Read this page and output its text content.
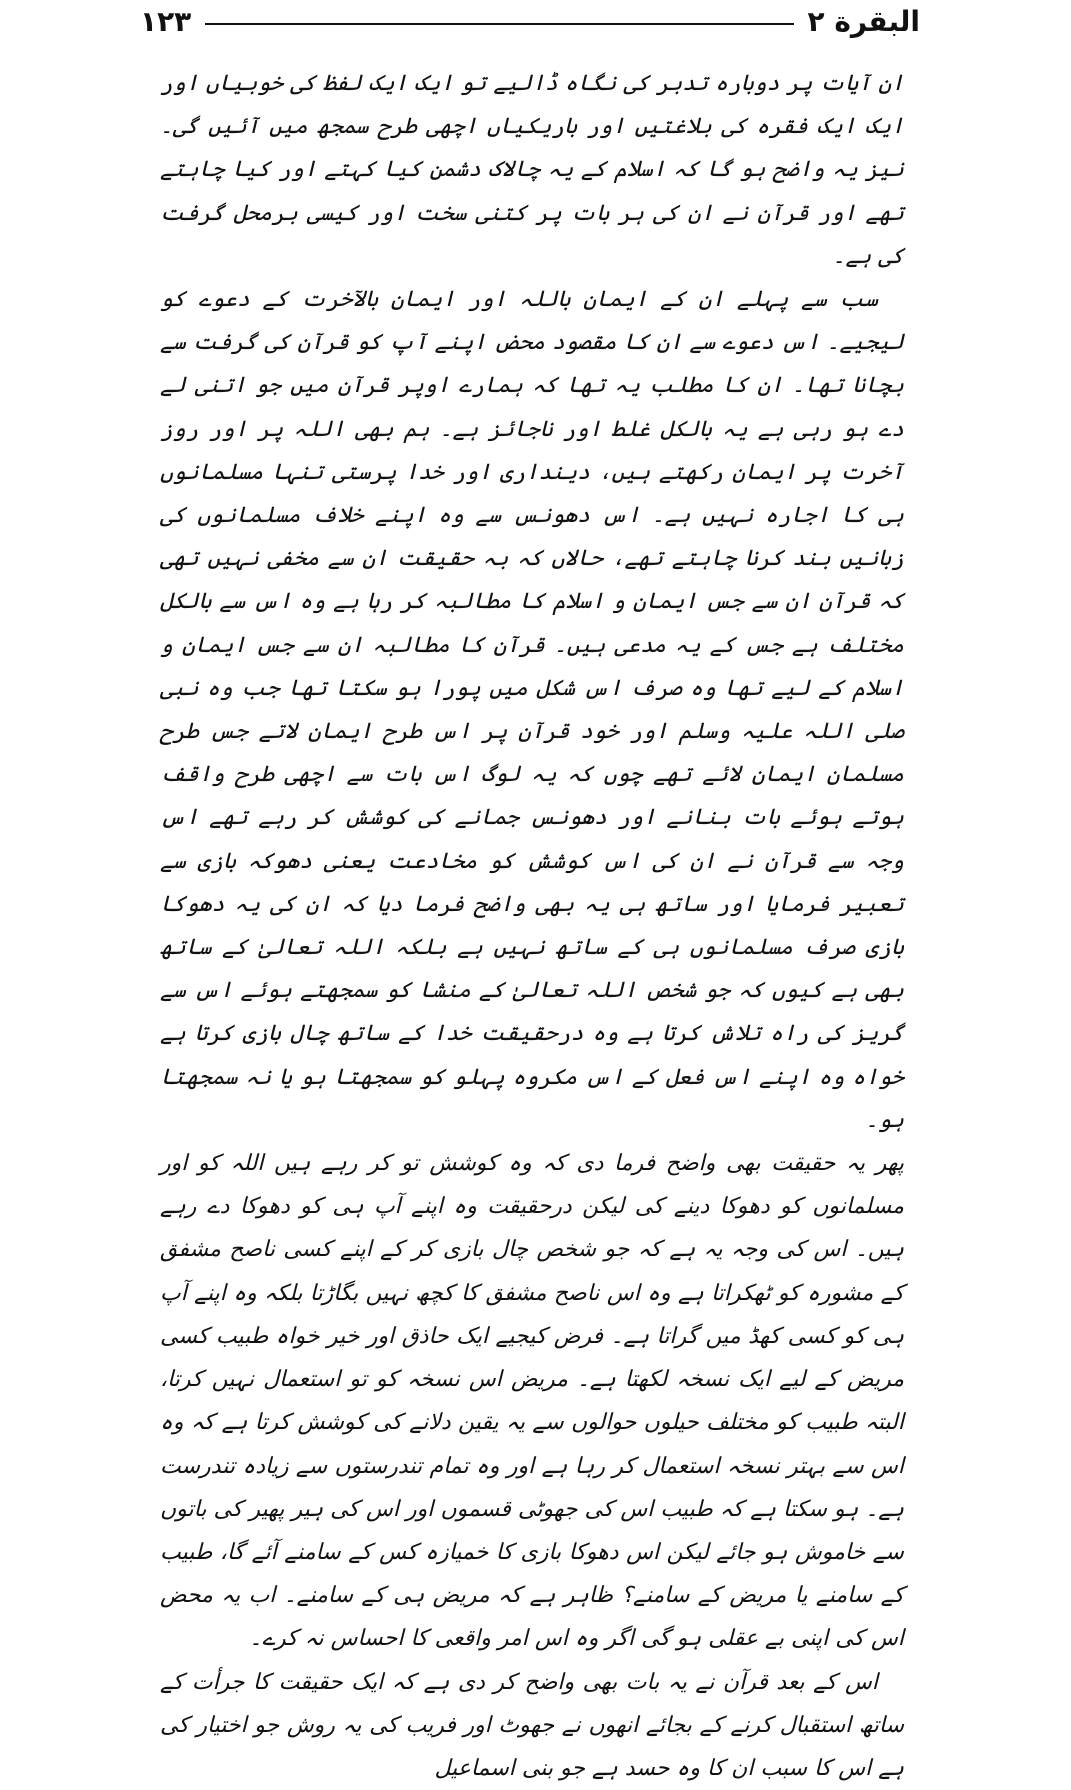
البقرة ۲
۱۲۳

ان آیات پر دوبارہ تدبر کی نگاہ ڈالیے تو ایک ایک لفظ کی خوبیاں اور ایک ایک فقرہ کی بلاغتیں اور باریکیاں اچھی طرح سمجھ میں آئیں گی۔ نیز یہ واضح ہو گا کہ اسلام کے یہ چالاک دشمن کیا کہتے اور کیا چاہتے تھے اور قرآن نے ان کی ہر بات پر کتنی سخت اور کیسی برمحل گرفت کی ہے۔

سب سے پہلے ان کے ایمان باللہ اور ایمان بالآخرت کے دعوے کو لیجیے۔ اس دعوے سے ان کا مقصود محض اپنے آپ کو قرآن کی گرفت سے بچانا تھا۔ ان کا مطلب یہ تھا کہ ہمارے اوپر قرآن میں جو اتنی لے دے ہو رہی ہے یہ بالکل غلط اور ناجائز ہے۔ ہم بھی اللہ پر اور روز آخرت پر ایمان رکھتے ہیں، دینداری اور خدا پرستی تنہا مسلمانوں ہی کا اجارہ نہیں ہے۔ اس دھونس سے وہ اپنے خلاف مسلمانوں کی زبانیں بند کرنا چاہتے تھے، حالاں کہ بہ حقیقت ان سے مخفی نہیں تھی کہ قرآن ان سے جس ایمان و اسلام کا مطالبہ کر رہا ہے وہ اس سے بالکل مختلف ہے جس کے یہ مدعی ہیں۔ قرآن کا مطالبہ ان سے جس ایمان و اسلام کے لیے تھا وہ صرف اس شکل میں پورا ہو سکتا تھا جب وہ نبی صلی اللہ علیہ وسلم اور خود قرآن پر اس طرح ایمان لاتے جس طرح مسلمان ایمان لائے تھے چوں کہ یہ لوگ اس بات سے اچھی طرح واقف ہوتے ہوئے بات بنانے اور دھونس جمانے کی کوشش کر رہے تھے اس وجہ سے قرآن نے ان کی اس کوشش کو مخادعت یعنی دھوکہ بازی سے تعبیر فرمایا اور ساتھ ہی یہ بھی واضح فرما دیا کہ ان کی یہ دھوکا بازی صرف مسلمانوں ہی کے ساتھ نہیں ہے بلکہ اللہ تعالیٰ کے ساتھ بھی ہے کیوں کہ جو شخص اللہ تعالیٰ کے منشا کو سمجھتے ہوئے اس سے گریز کی راہ تلاش کرتا ہے وہ درحقیقت خدا کے ساتھ چال بازی کرتا ہے خواہ وہ اپنے اس فعل کے اس مکروہ پہلو کو سمجھتا ہو یا نہ سمجھتا ہو۔

پھر یہ حقیقت بھی واضح فرما دی کہ وہ کوشش تو کر رہے ہیں اللہ کو اور مسلمانوں کو دھوکا دینے کی لیکن درحقیقت وہ اپنے آپ ہی کو دھوکا دے رہے ہیں۔ اس کی وجہ یہ ہے کہ جو شخص چال بازی کر کے اپنے کسی ناصح مشفق کے مشورہ کو ٹھکراتا ہے وہ اس ناصح مشفق کا کچھ نہیں بگاڑتا بلکہ وہ اپنے آپ ہی کو کسی کھڈ میں گراتا ہے۔ فرض کیجیے ایک حاذق اور خیر خواہ طبیب کسی مریض کے لیے ایک نسخہ لکھتا ہے۔ مریض اس نسخہ کو تو استعمال نہیں کرتا، البتہ طبیب کو مختلف حیلوں حوالوں سے یہ یقین دلانے کی کوشش کرتا ہے کہ وہ اس سے بہتر نسخہ استعمال کر رہا ہے اور وہ تمام تندرستوں سے زیادہ تندرست ہے۔ ہو سکتا ہے کہ طبیب اس کی جھوٹی قسموں اور اس کی ہیر پھیر کی باتوں سے خاموش ہو جائے لیکن اس دھوکا بازی کا خمیازہ کس کے سامنے آئے گا، طبیب کے سامنے یا مریض کے سامنے؟ ظاہر ہے کہ مریض ہی کے سامنے۔ اب یہ محض اس کی اپنی بے عقلی ہو گی اگر وہ اس امر واقعی کا احساس نہ کرے۔

اس کے بعد قرآن نے یہ بات بھی واضح کر دی ہے کہ ایک حقیقت کا جرأت کے ساتھ استقبال کرنے کے بجائے انھوں نے جھوٹ اور فریب کی یہ روش جو اختیار کی ہے اس کا سبب ان کا وہ حسد ہے جو بنی اسماعیل
